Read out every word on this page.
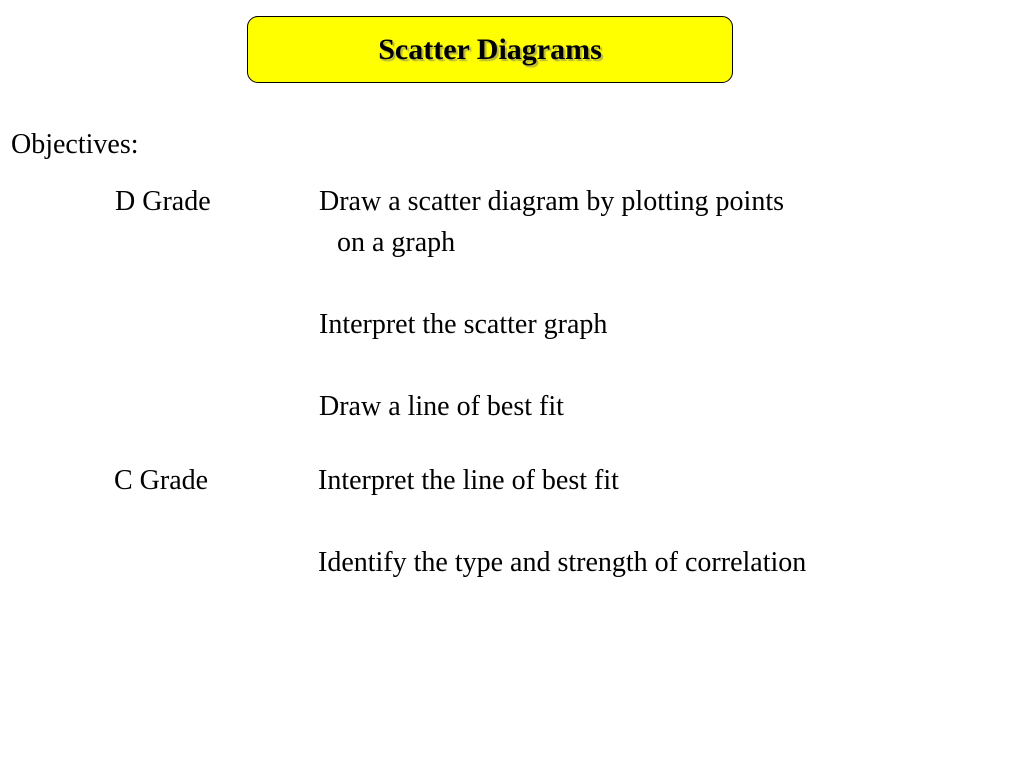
Scatter Diagrams
Objectives:
D Grade	Draw a scatter diagram by plotting points
on a graph
Interpret the scatter graph
Draw a line of best fit
C Grade	Interpret the line of best fit
Identify the type and strength of correlation
